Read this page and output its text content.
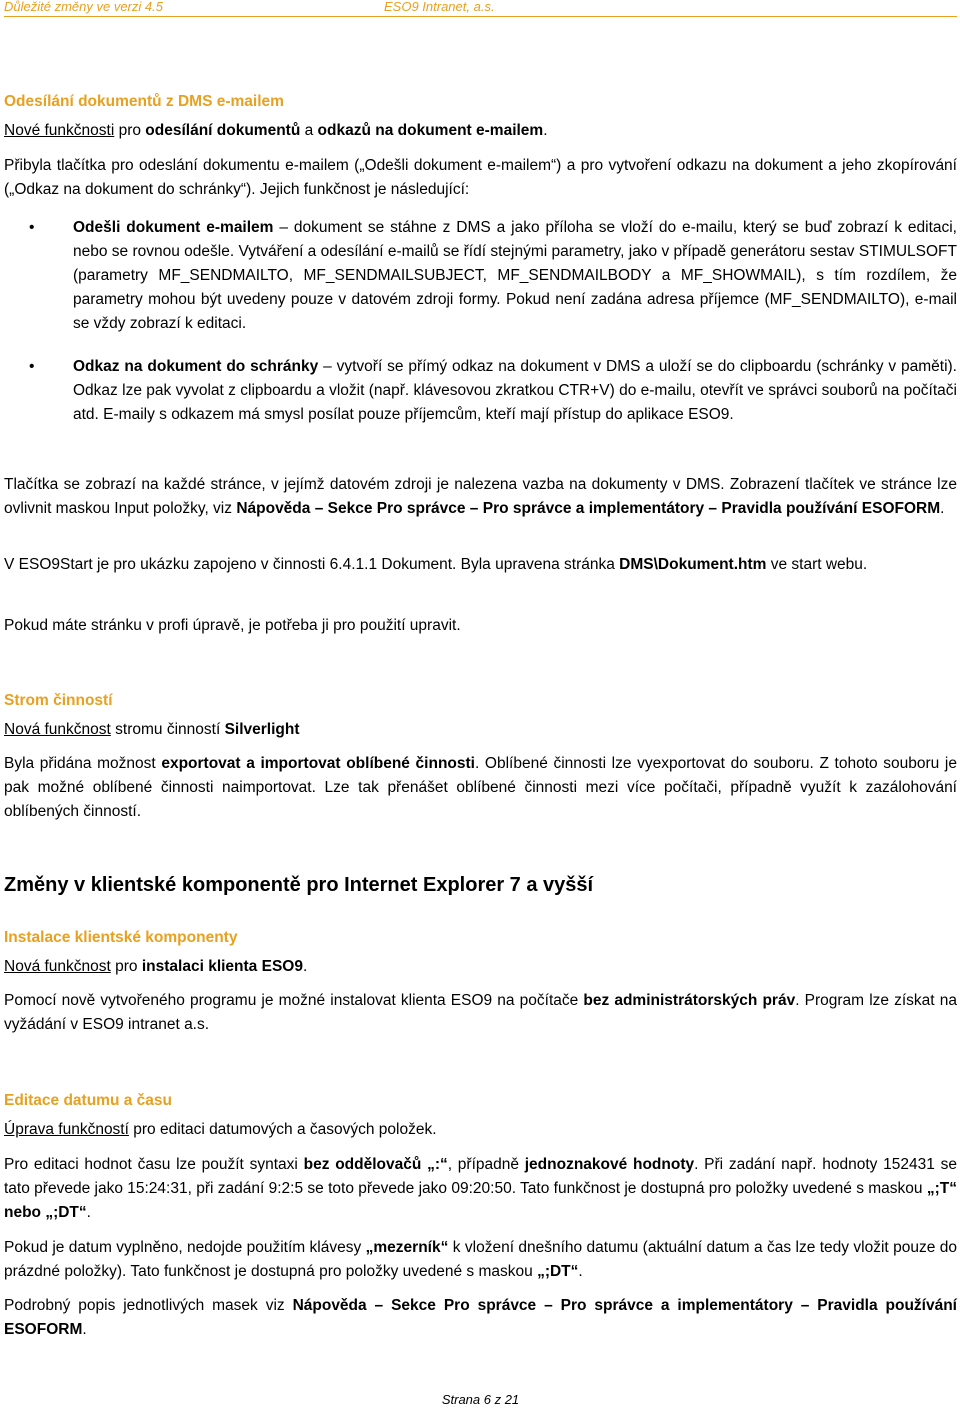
Důležité změny ve verzi 4.5	ESO9 Intranet, a.s.

Odesílání dokumentů z DMS e-mailem

Nové funkčnosti pro odesílání dokumentů a odkazů na dokument e-mailem.

Přibyla tlačítka pro odeslání dokumentu e-mailem („Odešli dokument e-mailem“) a pro vytvoření odkazu na dokument a jeho zkopírování („Odkaz na dokument do schránky“). Jejich funkčnost je následující:

• Odešli dokument e-mailem – dokument se stáhne z DMS a jako příloha se vloží do e-mailu, který se buď zobrazí k editaci, nebo se rovnou odešle. Vytváření a odesílání e-mailů se řídí stejnými parametry, jako v případě generátoru sestav STIMULSOFT (parametry MF_SENDMAILTO, MF_SENDMAILSUBJECT, MF_SENDMAILBODY a MF_SHOWMAIL), s tím rozdílem, že parametry mohou být uvedeny pouze v datovém zdroji formy. Pokud není zadána adresa příjemce (MF_SENDMAILTO), e-mail se vždy zobrazí k editaci.
• Odkaz na dokument do schránky – vytvoří se přímý odkaz na dokument v DMS a uloží se do clipboardu (schránky v paměti). Odkaz lze pak vyvolat z clipboardu a vložit (např. klávesovou zkratkou CTR+V) do e-mailu, otevřít ve správci souborů na počítači atd. E-maily s odkazem má smysl posílat pouze příjemcům, kteří mají přístup do aplikace ESO9.

Tlačítka se zobrazí na každé stránce, v jejímž datovém zdroji je nalezena vazba na dokumenty v DMS. Zobrazení tlačítek ve stránce lze ovlivnit maskou Input položky, viz Nápověda – Sekce Pro správce – Pro správce a implementátory – Pravidla používání ESOFORM.

V ESO9Start je pro ukázku zapojeno v činnosti 6.4.1.1 Dokument. Byla upravena stránka DMS\Dokument.htm ve start webu.

Pokud máte stránku v profi úpravě, je potřeba ji pro použití upravit.

Strom činností

Nová funkčnost stromu činností Silverlight

Byla přidána možnost exportovat a importovat oblíbené činnosti. Oblíbené činnosti lze vyexportovat do souboru. Z tohoto souboru je pak možné oblíbené činnosti naimportovat. Lze tak přenášet oblíbené činnosti mezi více počítači, případně využít k zazálohování oblíbených činností.

Změny v klientské komponentě pro Internet Explorer 7 a vyšší

Instalace klientské komponenty

Nová funkčnost pro instalaci klienta ESO9.

Pomocí nově vytvořeného programu je možné instalovat klienta ESO9 na počítače bez administrátorských práv. Program lze získat na vyžádání v ESO9 intranet a.s.

Editace datumu a času

Úprava funkčností pro editaci datumových a časových položek.

Pro editaci hodnot času lze použít syntaxi bez oddělovačů „:“, případně jednoznakové hodnoty. Při zadání např. hodnoty 152431 se tato převede jako 15:24:31, při zadání 9:2:5 se toto převede jako 09:20:50. Tato funkčnost je dostupná pro položky uvedené s maskou „;T“ nebo „;DT“.

Pokud je datum vyplněno, nedojde použitím klávesy „mezerník“ k vložení dnešního datumu (aktuální datum a čas lze tedy vložit pouze do prázdné položky). Tato funkčnost je dostupná pro položky uvedené s maskou „;DT“.

Podrobný popis jednotlivých masek viz Nápověda – Sekce Pro správce – Pro správce a implementátory – Pravidla používání ESOFORM.

Strana 6 z 21
